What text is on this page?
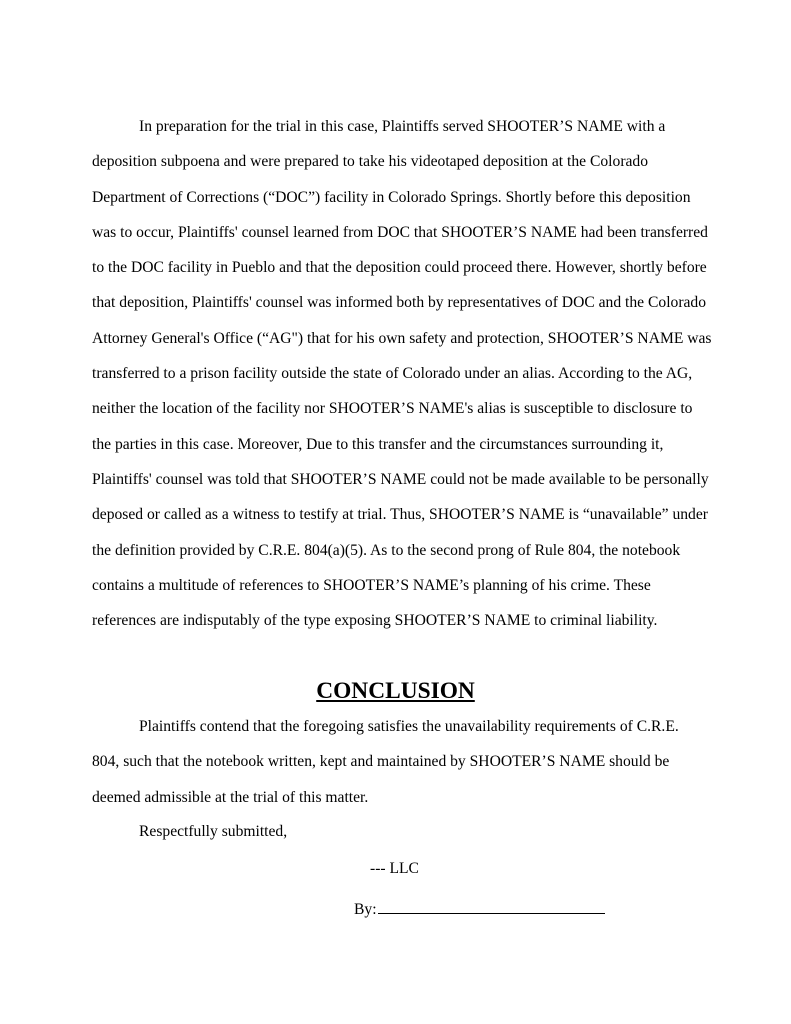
In preparation for the trial in this case, Plaintiffs served SHOOTER’S NAME with a deposition subpoena and were prepared to take his videotaped deposition at the Colorado Department of Corrections (“DOC”) facility in Colorado Springs. Shortly before this deposition was to occur, Plaintiffs' counsel learned from DOC that SHOOTER’S NAME had been transferred to the DOC facility in Pueblo and that the deposition could proceed there. However, shortly before that deposition, Plaintiffs' counsel was informed both by representatives of DOC and the Colorado Attorney General's Office (“AG") that for his own safety and protection, SHOOTER’S NAME was transferred to a prison facility outside the state of Colorado under an alias. According to the AG, neither the location of the facility nor SHOOTER’S NAME's alias is susceptible to disclosure to the parties in this case. Moreover, Due to this transfer and the circumstances surrounding it, Plaintiffs' counsel was told that SHOOTER’S NAME could not be made available to be personally deposed or called as a witness to testify at trial. Thus, SHOOTER’S NAME is “unavailable” under the definition provided by C.R.E. 804(a)(5). As to the second prong of Rule 804, the notebook contains a multitude of references to SHOOTER’S NAME’s planning of his crime. These references are indisputably of the type exposing SHOOTER’S NAME to criminal liability.

CONCLUSION

Plaintiffs contend that the foregoing satisfies the unavailability requirements of C.R.E. 804, such that the notebook written, kept and maintained by SHOOTER’S NAME should be deemed admissible at the trial of this matter.

Respectfully submitted,

--- LLC

By:
